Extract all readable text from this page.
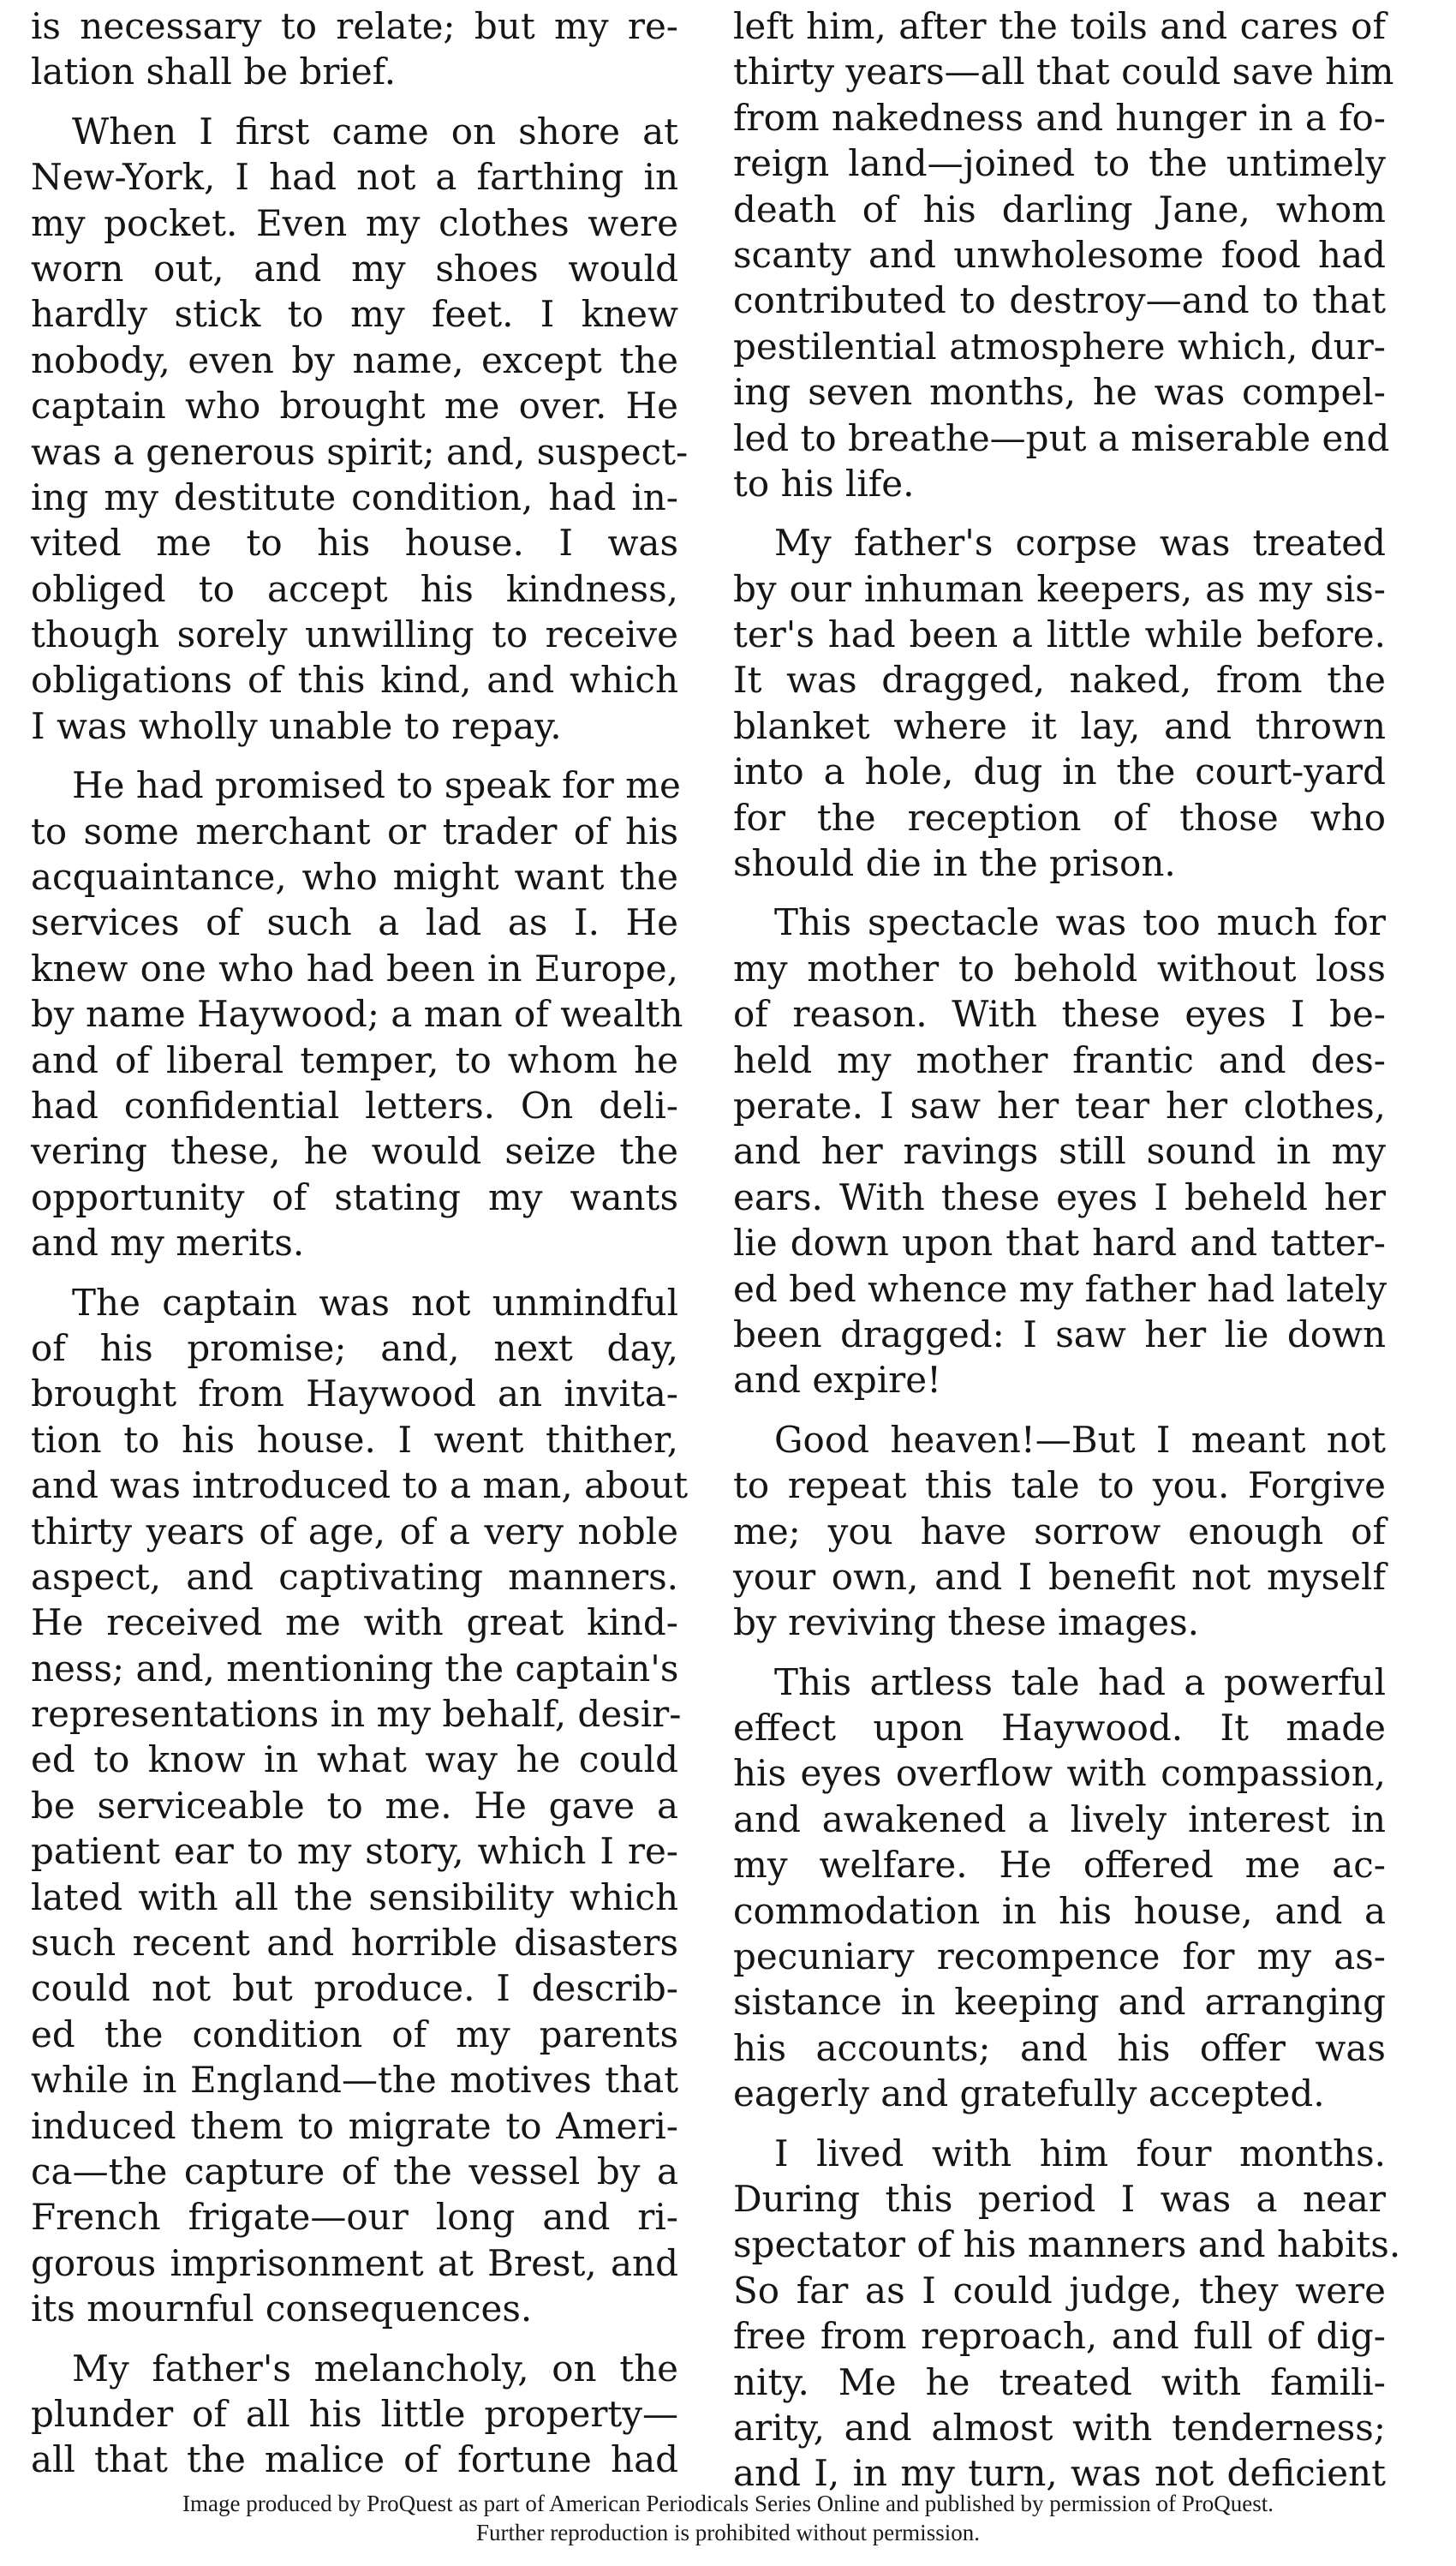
is necessary to relate; but my re-
lation shall be brief.
When I first came on shore at
New-York, I had not a farthing in
my pocket. Even my clothes were
worn out, and my shoes would
hardly stick to my feet. I knew
nobody, even by name, except the
captain who brought me over. He
was a generous spirit; and, suspect-
ing my destitute condition, had in-
vited me to his house. I was
obliged to accept his kindness,
though sorely unwilling to receive
obligations of this kind, and which
I was wholly unable to repay.
He had promised to speak for me
to some merchant or trader of his
acquaintance, who might want the
services of such a lad as I. He
knew one who had been in Europe,
by name Haywood; a man of wealth
and of liberal temper, to whom he
had confidential letters. On deli-
vering these, he would seize the
opportunity of stating my wants
and my merits.
The captain was not unmindful
of his promise; and, next day,
brought from Haywood an invita-
tion to his house. I went thither,
and was introduced to a man, about
thirty years of age, of a very noble
aspect, and captivating manners.
He received me with great kind-
ness; and, mentioning the captain's
representations in my behalf, desir-
ed to know in what way he could
be serviceable to me. He gave a
patient ear to my story, which I re-
lated with all the sensibility which
such recent and horrible disasters
could not but produce. I describ-
ed the condition of my parents
while in England—the motives that
induced them to migrate to Ameri-
ca—the capture of the vessel by a
French frigate—our long and ri-
gorous imprisonment at Brest, and
its mournful consequences.
My father's melancholy, on the
plunder of all his little property—
all that the malice of fortune had
left him, after the toils and cares of
thirty years—all that could save him
from nakedness and hunger in a fo-
reign land—joined to the untimely
death of his darling Jane, whom
scanty and unwholesome food had
contributed to destroy—and to that
pestilential atmosphere which, dur-
ing seven months, he was compel-
led to breathe—put a miserable end
to his life.
My father's corpse was treated
by our inhuman keepers, as my sis-
ter's had been a little while before.
It was dragged, naked, from the
blanket where it lay, and thrown
into a hole, dug in the court-yard
for the reception of those who
should die in the prison.
This spectacle was too much for
my mother to behold without loss
of reason. With these eyes I be-
held my mother frantic and des-
perate. I saw her tear her clothes,
and her ravings still sound in my
ears. With these eyes I beheld her
lie down upon that hard and tatter-
ed bed whence my father had lately
been dragged: I saw her lie down
and expire!
Good heaven!—But I meant not
to repeat this tale to you. Forgive
me; you have sorrow enough of
your own, and I benefit not myself
by reviving these images.
This artless tale had a powerful
effect upon Haywood. It made
his eyes overflow with compassion,
and awakened a lively interest in
my welfare. He offered me ac-
commodation in his house, and a
pecuniary recompence for my as-
sistance in keeping and arranging
his accounts; and his offer was
eagerly and gratefully accepted.
I lived with him four months.
During this period I was a near
spectator of his manners and habits.
So far as I could judge, they were
free from reproach, and full of dig-
nity. Me he treated with famili-
arity, and almost with tenderness;
and I, in my turn, was not deficient
Image produced by ProQuest as part of American Periodicals Series Online and published by permission of ProQuest.
Further reproduction is prohibited without permission.
